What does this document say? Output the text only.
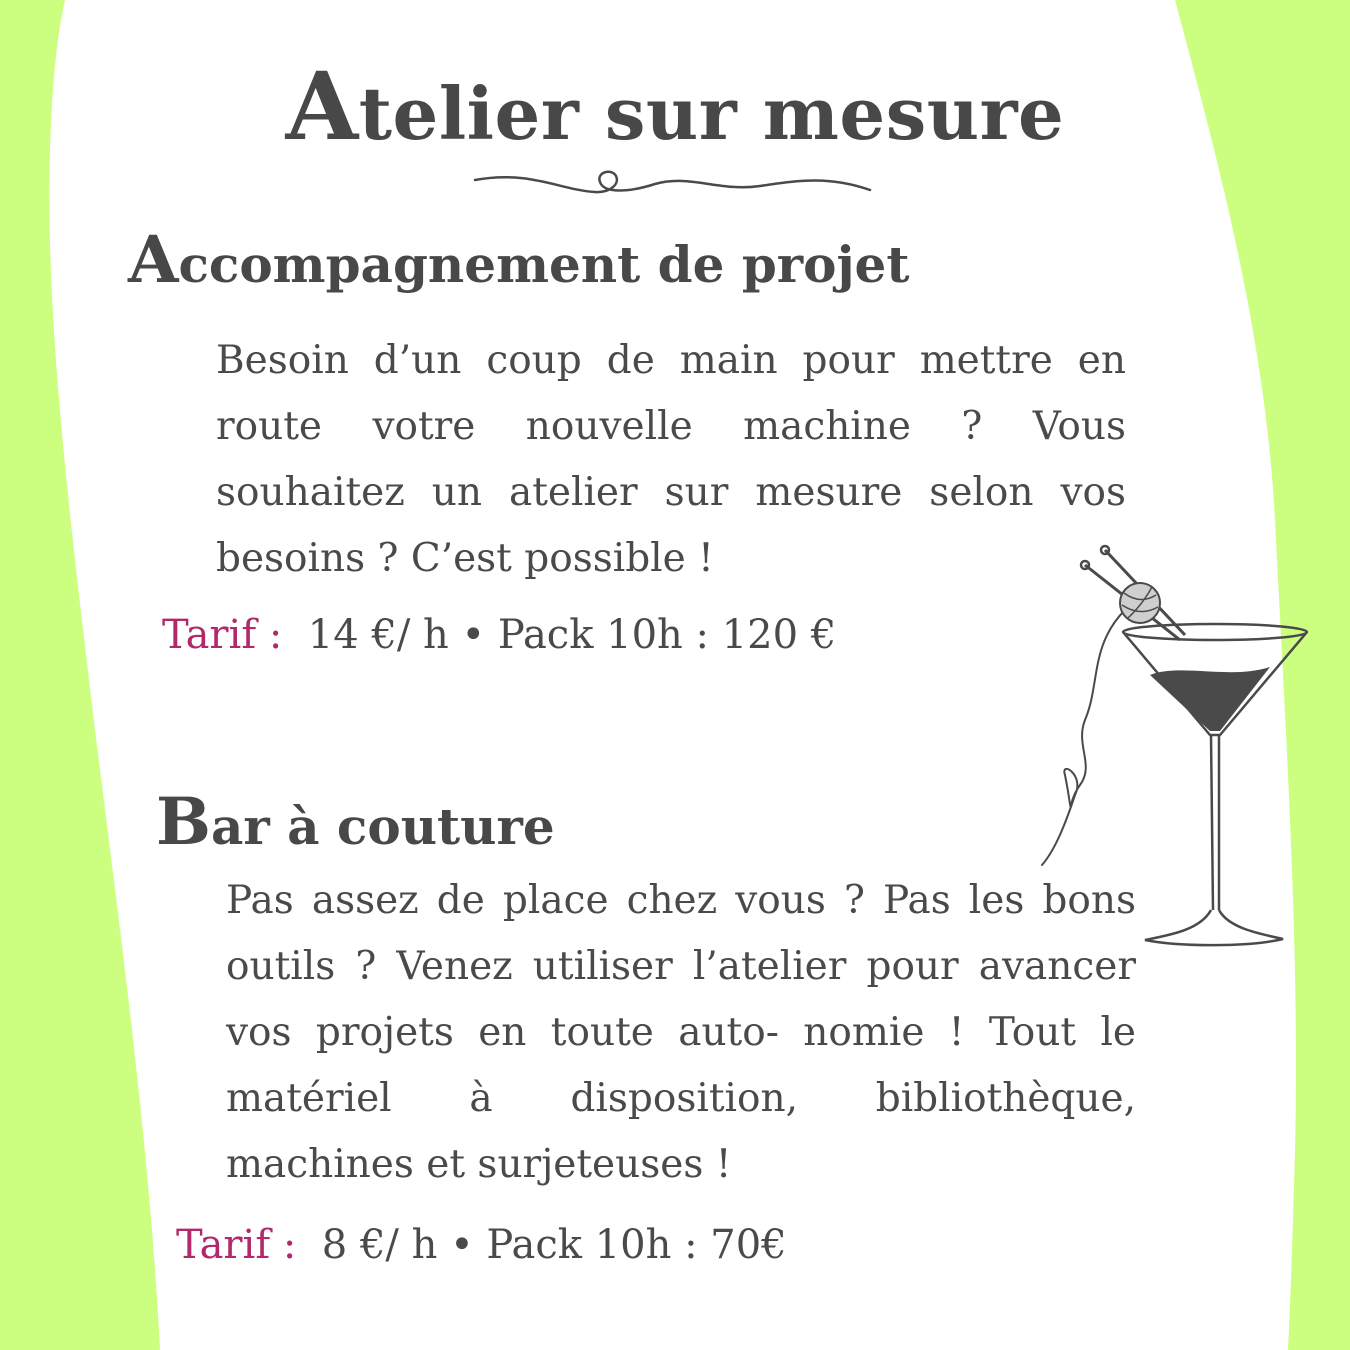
Atelier sur mesure
Accompagnement de projet

Besoin d’un coup de main pour mettre en route votre nouvelle machine ? Vous souhaitez un atelier sur mesure selon vos besoins ? C’est possible !

Tarif : 14 €/ h • Pack 10h : 120 €

Bar à couture

Pas assez de place chez vous ? Pas les bons outils ? Venez utiliser l’atelier pour avancer vos projets en toute auto- nomie ! Tout le matériel à disposition, bibliothèque, machines et surjeteuses !

Tarif : 8 €/ h • Pack 10h : 70€
